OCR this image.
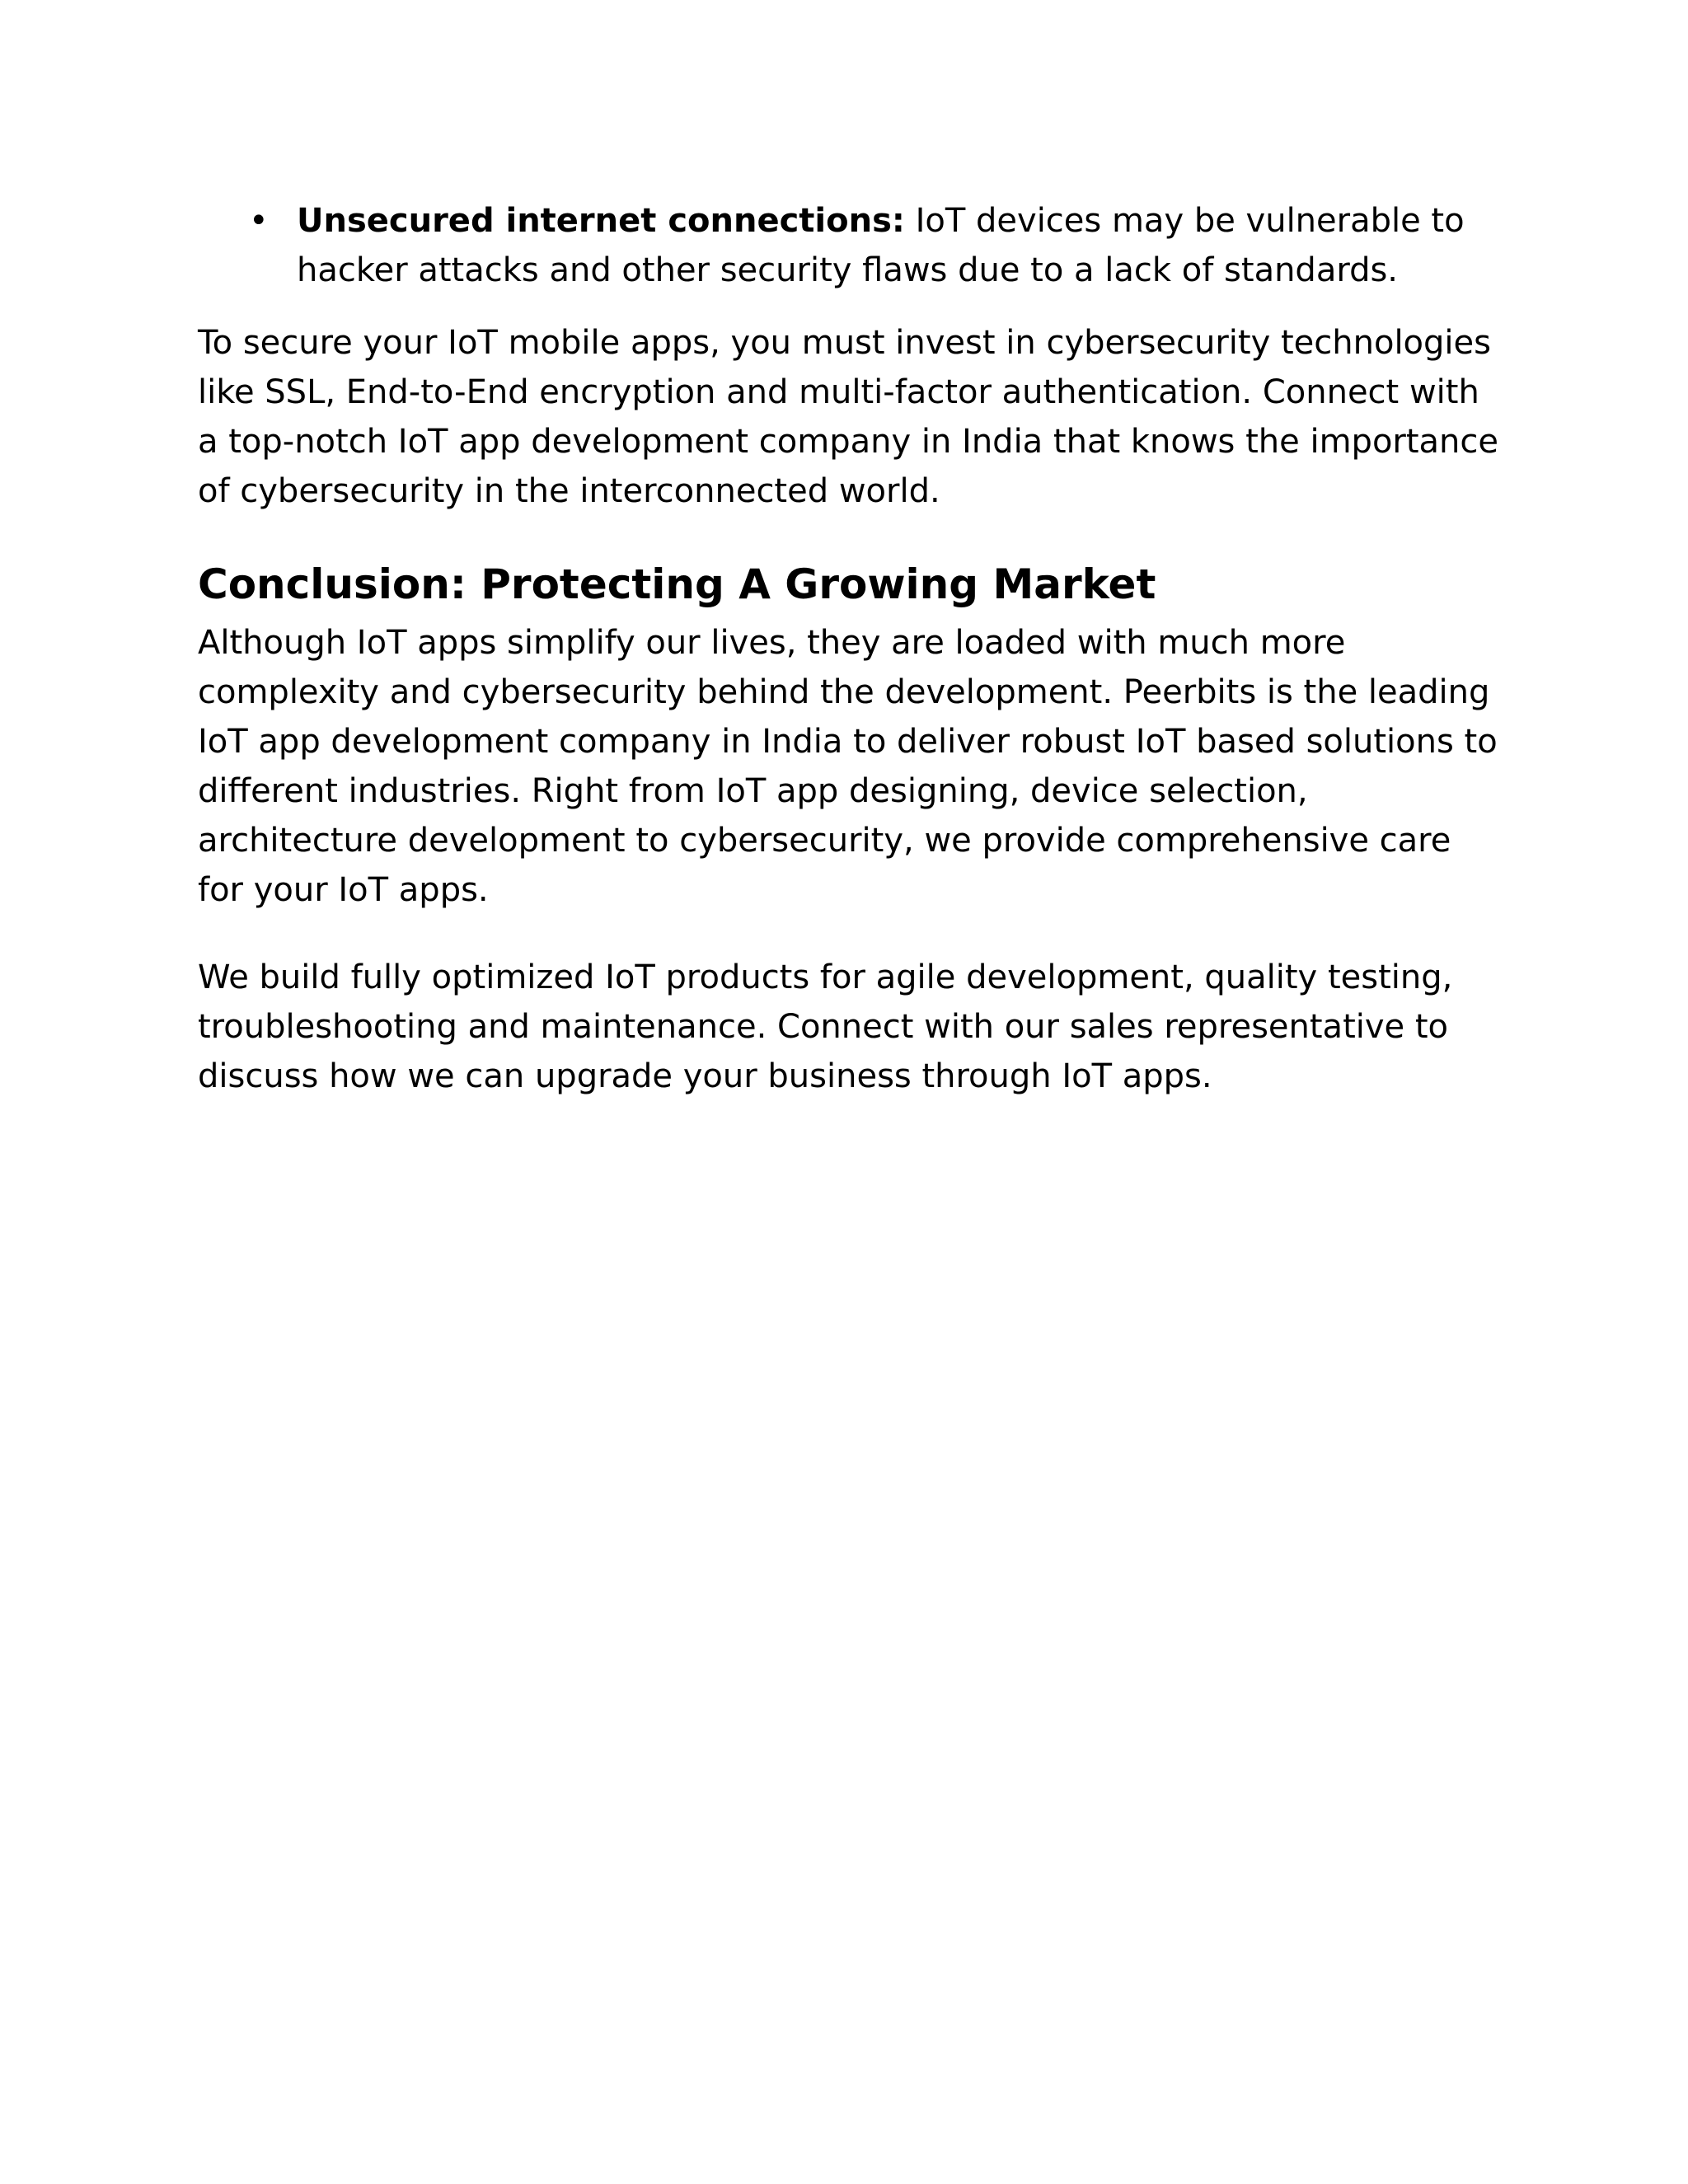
• Unsecured internet connections: IoT devices may be vulnerable to hacker attacks and other security flaws due to a lack of standards.

To secure your IoT mobile apps, you must invest in cybersecurity technologies like SSL, End-to-End encryption and multi-factor authentication. Connect with a top-notch IoT app development company in India that knows the importance of cybersecurity in the interconnected world.

Conclusion: Protecting A Growing Market

Although IoT apps simplify our lives, they are loaded with much more complexity and cybersecurity behind the development. Peerbits is the leading IoT app development company in India to deliver robust IoT based solutions to different industries. Right from IoT app designing, device selection, architecture development to cybersecurity, we provide comprehensive care for your IoT apps.

We build fully optimized IoT products for agile development, quality testing, troubleshooting and maintenance. Connect with our sales representative to discuss how we can upgrade your business through IoT apps.
